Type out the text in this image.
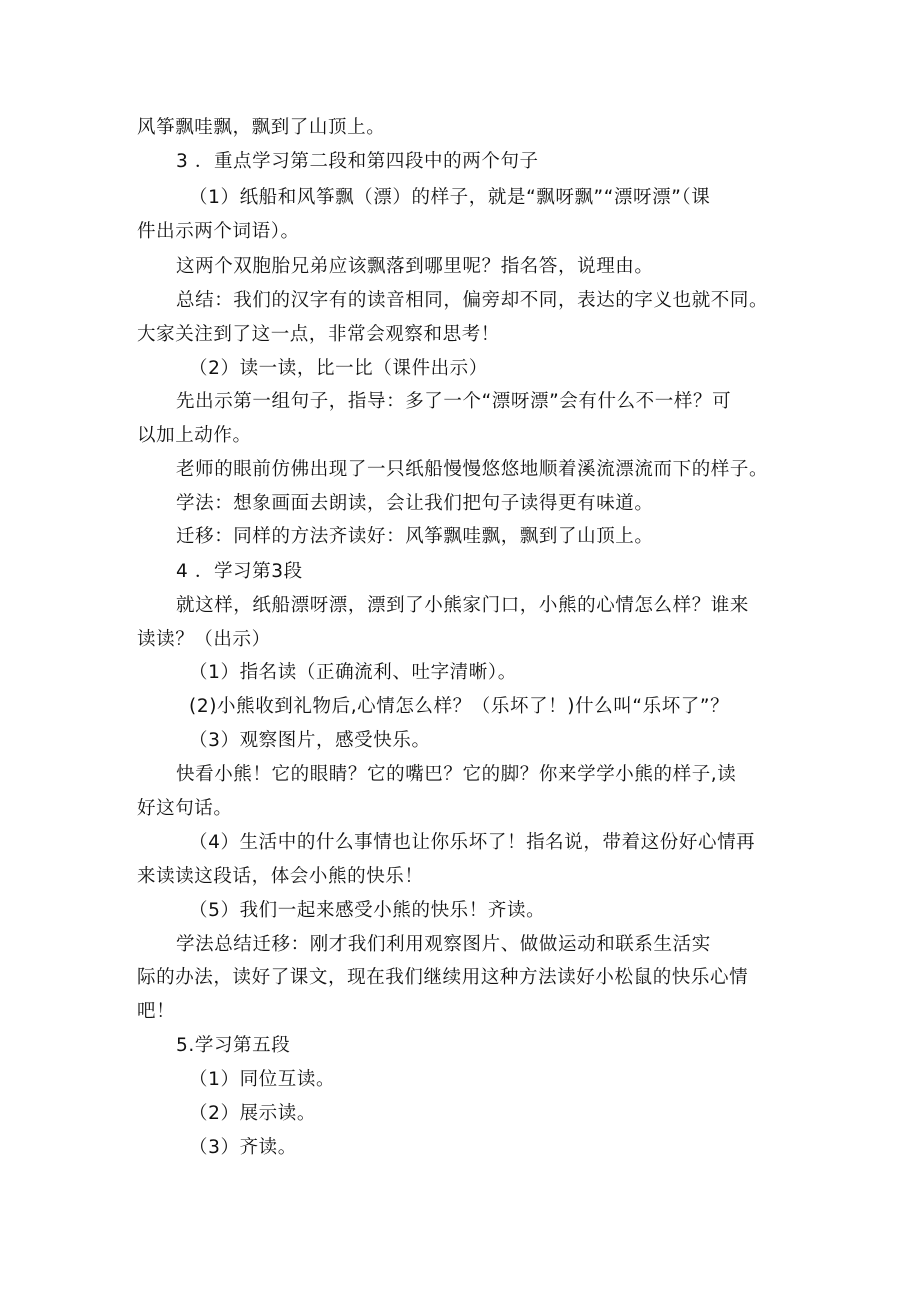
风筝飘哇飘，飘到了山顶上。
3 ．重点学习第二段和第四段中的两个句子
（1）纸船和风筝飘（漂）的样子，就是“飘呀飘”“漂呀漂”（课
件出示两个词语）。
这两个双胞胎兄弟应该飘落到哪里呢？指名答，说理由。
总结：我们的汉字有的读音相同，偏旁却不同，表达的字义也就不同。
大家关注到了这一点，非常会观察和思考！
（2）读一读，比一比（课件出示）
先出示第一组句子，指导：多了一个“漂呀漂”会有什么不一样？可
以加上动作。
老师的眼前仿佛出现了一只纸船慢慢悠悠地顺着溪流漂流而下的样子。
学法：想象画面去朗读，会让我们把句子读得更有味道。
迁移：同样的方法齐读好：风筝飘哇飘，飘到了山顶上。
4 ．学习第3段
就这样，纸船漂呀漂，漂到了小熊家门口，小熊的心情怎么样？谁来
读读？（出示）
（1）指名读（正确流利、吐字清晰）。
(2)小熊收到礼物后,心情怎么样？（乐坏了！)什么叫“乐坏了”？
（3）观察图片，感受快乐。
快看小熊！它的眼睛？它的嘴巴？它的脚？你来学学小熊的样子,读
好这句话。
（4）生活中的什么事情也让你乐坏了！指名说，带着这份好心情再
来读读这段话，体会小熊的快乐！
（5）我们一起来感受小熊的快乐！齐读。
学法总结迁移：刚才我们利用观察图片、做做运动和联系生活实
际的办法，读好了课文，现在我们继续用这种方法读好小松鼠的快乐心情
吧！
5.学习第五段
（1）同位互读。
（2）展示读。
（3）齐读。
